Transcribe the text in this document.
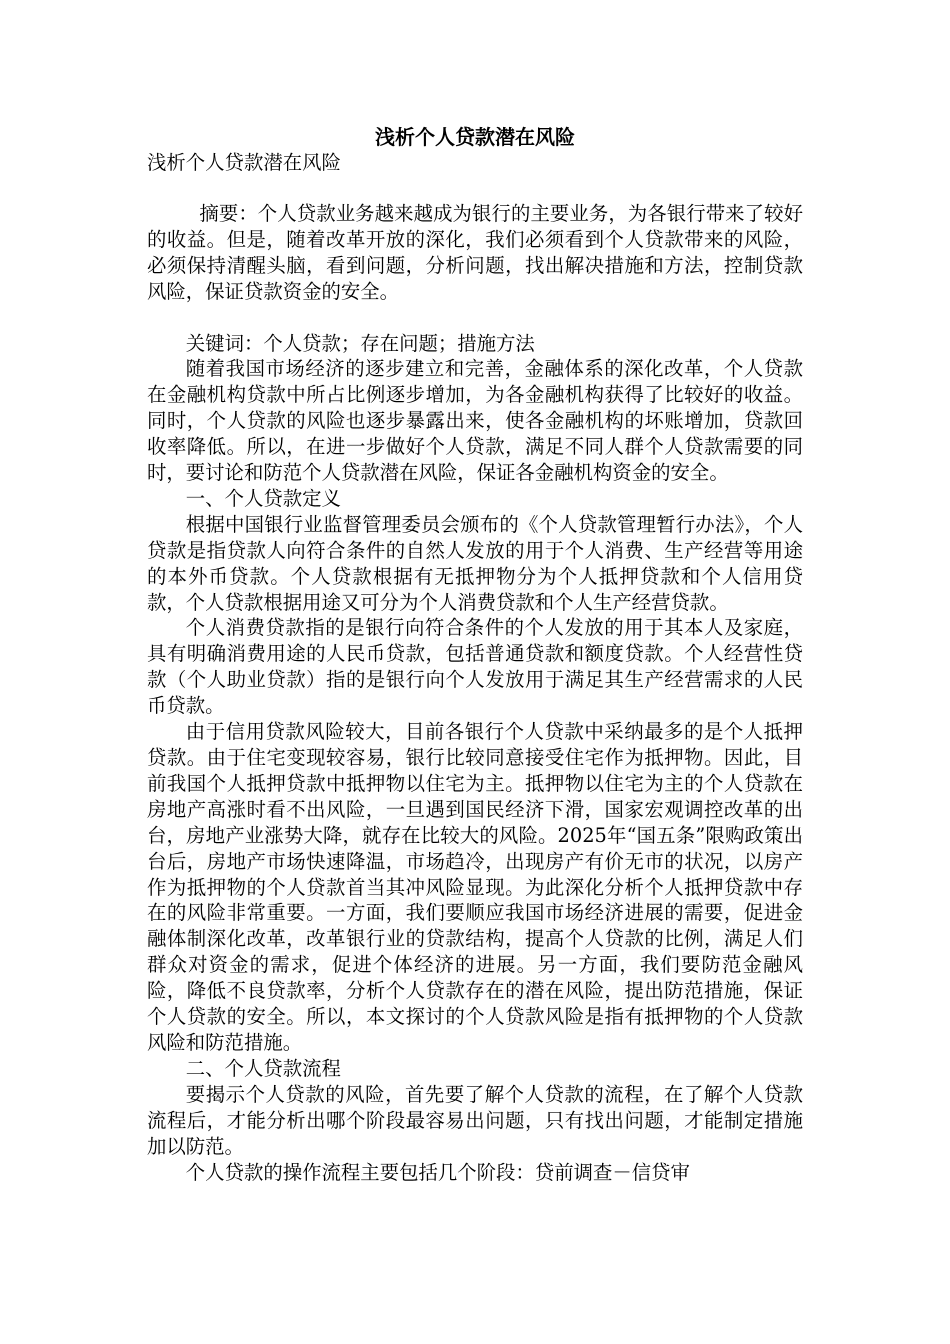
浅析个人贷款潜在风险
浅析个人贷款潜在风险

摘要：个人贷款业务越来越成为银行的主要业务，为各银行带来了较好的收益。但是，随着改革开放的深化，我们必须看到个人贷款带来的风险，必须保持清醒头脑，看到问题，分析问题，找出解决措施和方法，控制贷款风险，保证贷款资金的安全。

关键词：个人贷款；存在问题；措施方法

随着我国市场经济的逐步建立和完善，金融体系的深化改革，个人贷款在金融机构贷款中所占比例逐步增加，为各金融机构获得了比较好的收益。同时，个人贷款的风险也逐步暴露出来，使各金融机构的坏账增加，贷款回收率降低。所以，在进一步做好个人贷款，满足不同人群个人贷款需要的同时，要讨论和防范个人贷款潜在风险，保证各金融机构资金的安全。

一、个人贷款定义

根据中国银行业监督管理委员会颁布的《个人贷款管理暂行办法》，个人贷款是指贷款人向符合条件的自然人发放的用于个人消费、生产经营等用途的本外币贷款。个人贷款根据有无抵押物分为个人抵押贷款和个人信用贷款，个人贷款根据用途又可分为个人消费贷款和个人生产经营贷款。

个人消费贷款指的是银行向符合条件的个人发放的用于其本人及家庭，具有明确消费用途的人民币贷款，包括普通贷款和额度贷款。个人经营性贷款（个人助业贷款）指的是银行向个人发放用于满足其生产经营需求的人民币贷款。

由于信用贷款风险较大，目前各银行个人贷款中采纳最多的是个人抵押贷款。由于住宅变现较容易，银行比较同意接受住宅作为抵押物。因此，目前我国个人抵押贷款中抵押物以住宅为主。抵押物以住宅为主的个人贷款在房地产高涨时看不出风险，一旦遇到国民经济下滑，国家宏观调控改革的出台，房地产业涨势大降，就存在比较大的风险。2025年“国五条”限购政策出台后，房地产市场快速降温，市场趋冷，出现房产有价无市的状况，以房产作为抵押物的个人贷款首当其冲风险显现。为此深化分析个人抵押贷款中存在的风险非常重要。一方面，我们要顺应我国市场经济进展的需要，促进金融体制深化改革，改革银行业的贷款结构，提高个人贷款的比例，满足人们群众对资金的需求，促进个体经济的进展。另一方面，我们要防范金融风险，降低不良贷款率，分析个人贷款存在的潜在风险，提出防范措施，保证个人贷款的安全。所以，本文探讨的个人贷款风险是指有抵押物的个人贷款风险和防范措施。

二、个人贷款流程

要揭示个人贷款的风险，首先要了解个人贷款的流程，在了解个人贷款流程后，才能分析出哪个阶段最容易出问题，只有找出问题，才能制定措施加以防范。

个人贷款的操作流程主要包括几个阶段：贷前调查－信贷审
